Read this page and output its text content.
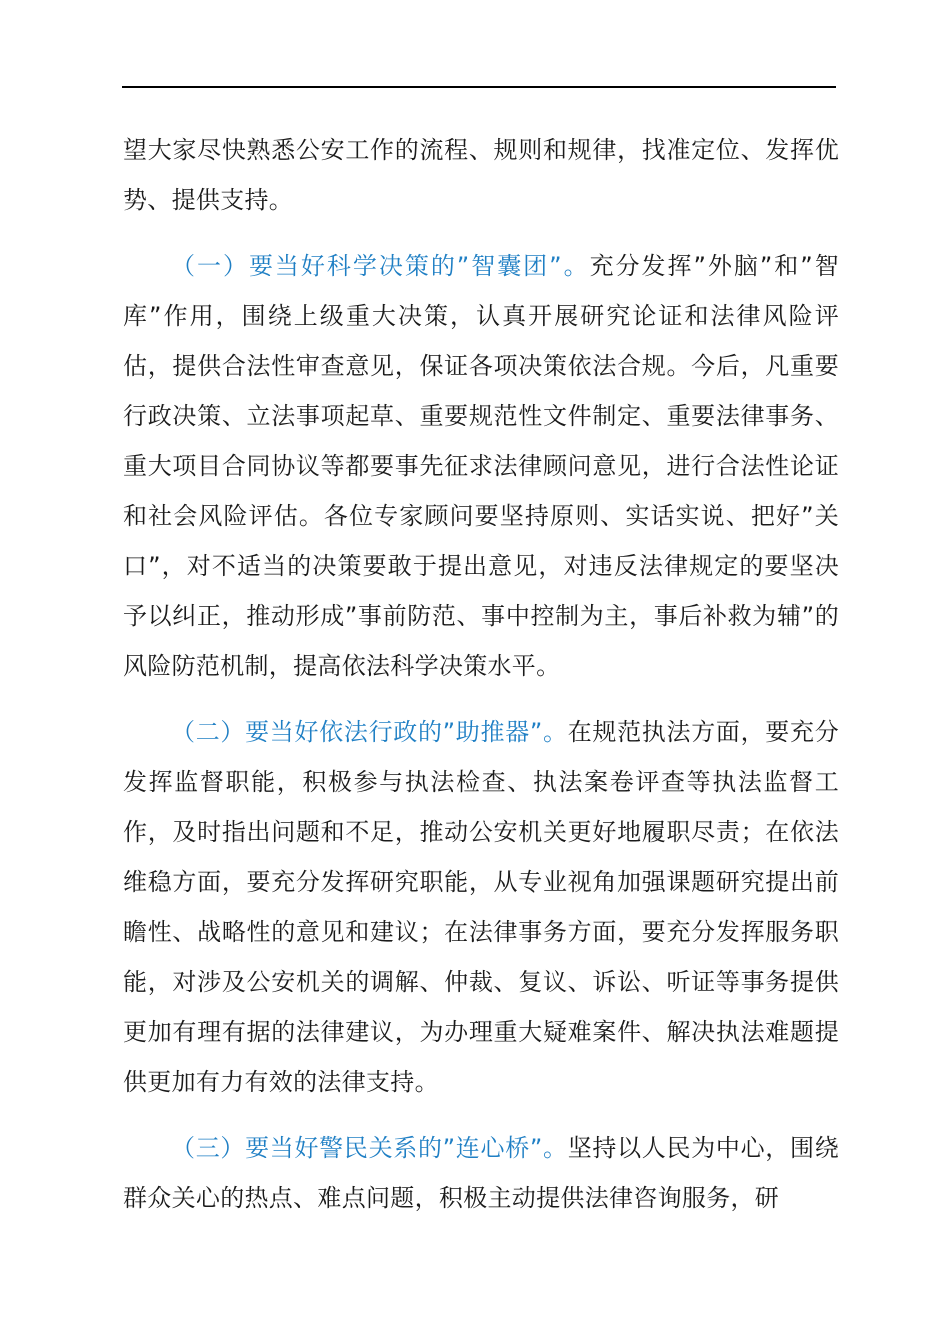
望大家尽快熟悉公安工作的流程、规则和规律，找准定位、发挥优势、提供支持。

（一）要当好科学决策的”智囊团”。充分发挥”外脑”和”智库”作用，围绕上级重大决策，认真开展研究论证和法律风险评估，提供合法性审查意见，保证各项决策依法合规。今后，凡重要行政决策、立法事项起草、重要规范性文件制定、重要法律事务、重大项目合同协议等都要事先征求法律顾问意见，进行合法性论证和社会风险评估。各位专家顾问要坚持原则、实话实说、把好”关口”，对不适当的决策要敢于提出意见，对违反法律规定的要坚决予以纠正，推动形成”事前防范、事中控制为主，事后补救为辅”的风险防范机制，提高依法科学决策水平。

（二）要当好依法行政的”助推器”。在规范执法方面，要充分发挥监督职能，积极参与执法检查、执法案卷评查等执法监督工作，及时指出问题和不足，推动公安机关更好地履职尽责；在依法维稳方面，要充分发挥研究职能，从专业视角加强课题研究提出前瞻性、战略性的意见和建议；在法律事务方面，要充分发挥服务职能，对涉及公安机关的调解、仲裁、复议、诉讼、听证等事务提供更加有理有据的法律建议，为办理重大疑难案件、解决执法难题提供更加有力有效的法律支持。

（三）要当好警民关系的”连心桥”。坚持以人民为中心，围绕群众关心的热点、难点问题，积极主动提供法律咨询服务，研
